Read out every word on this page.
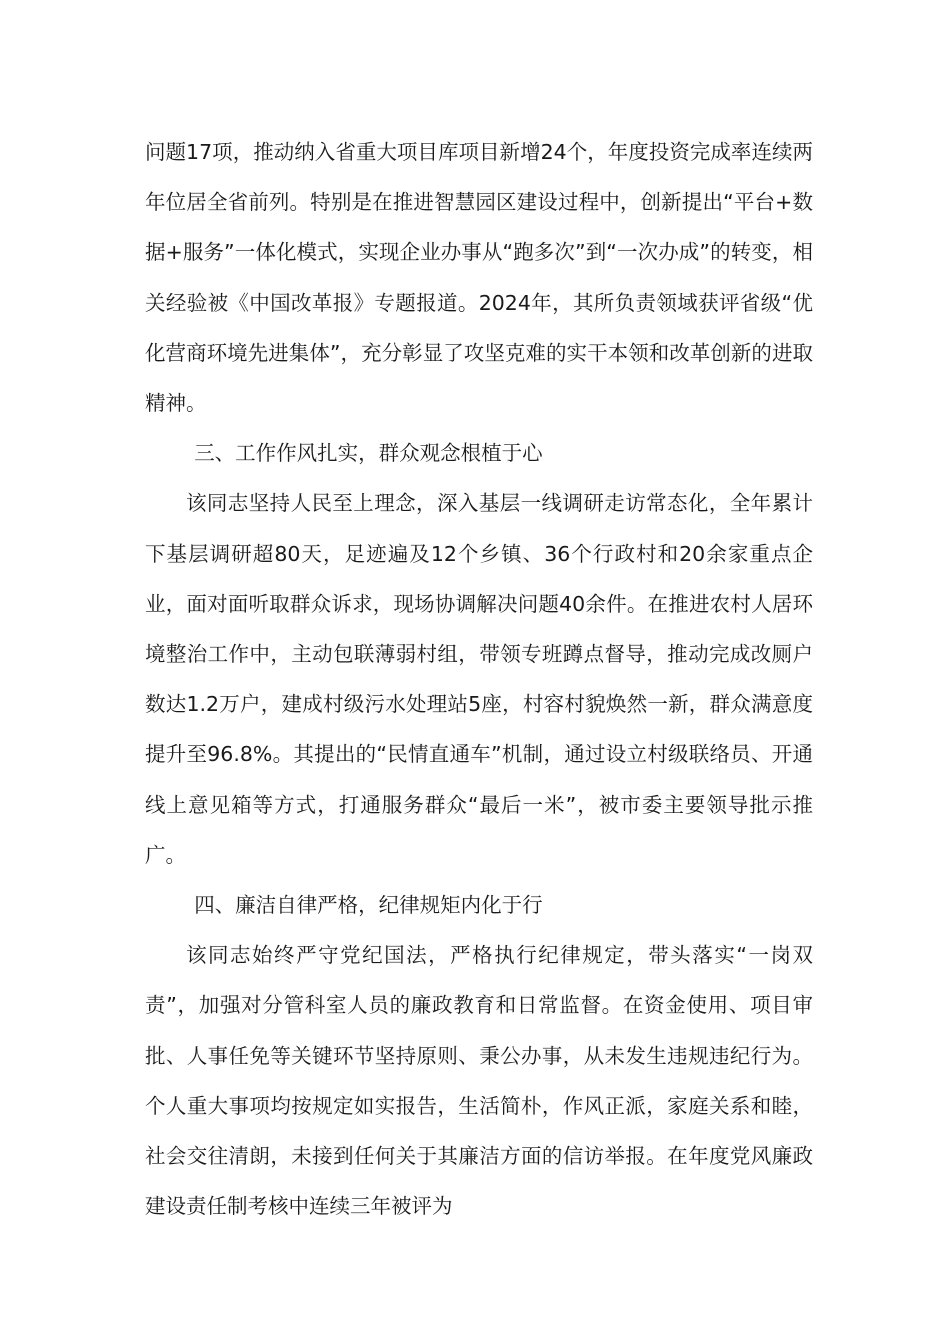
问题17项，推动纳入省重大项目库项目新增24个，年度投资完成率连续两年位居全省前列。特别是在推进智慧园区建设过程中，创新提出“平台+数据+服务”一体化模式，实现企业办事从“跑多次”到“一次办成”的转变，相关经验被《中国改革报》专题报道。2024年，其所负责领域获评省级“优化营商环境先进集体”，充分彰显了攻坚克难的实干本领和改革创新的进取精神。

三、工作作风扎实，群众观念根植于心

该同志坚持人民至上理念，深入基层一线调研走访常态化，全年累计下基层调研超80天，足迹遍及12个乡镇、36个行政村和20余家重点企业，面对面听取群众诉求，现场协调解决问题40余件。在推进农村人居环境整治工作中，主动包联薄弱村组，带领专班蹲点督导，推动完成改厕户数达1.2万户，建成村级污水处理站5座，村容村貌焕然一新，群众满意度提升至96.8%。其提出的“民情直通车”机制，通过设立村级联络员、开通线上意见箱等方式，打通服务群众“最后一米”，被市委主要领导批示推广。

四、廉洁自律严格，纪律规矩内化于行

该同志始终严守党纪国法，严格执行纪律规定，带头落实“一岗双责”，加强对分管科室人员的廉政教育和日常监督。在资金使用、项目审批、人事任免等关键环节坚持原则、秉公办事，从未发生违规违纪行为。个人重大事项均按规定如实报告，生活简朴，作风正派，家庭关系和睦，社会交往清朗，未接到任何关于其廉洁方面的信访举报。在年度党风廉政建设责任制考核中连续三年被评为
